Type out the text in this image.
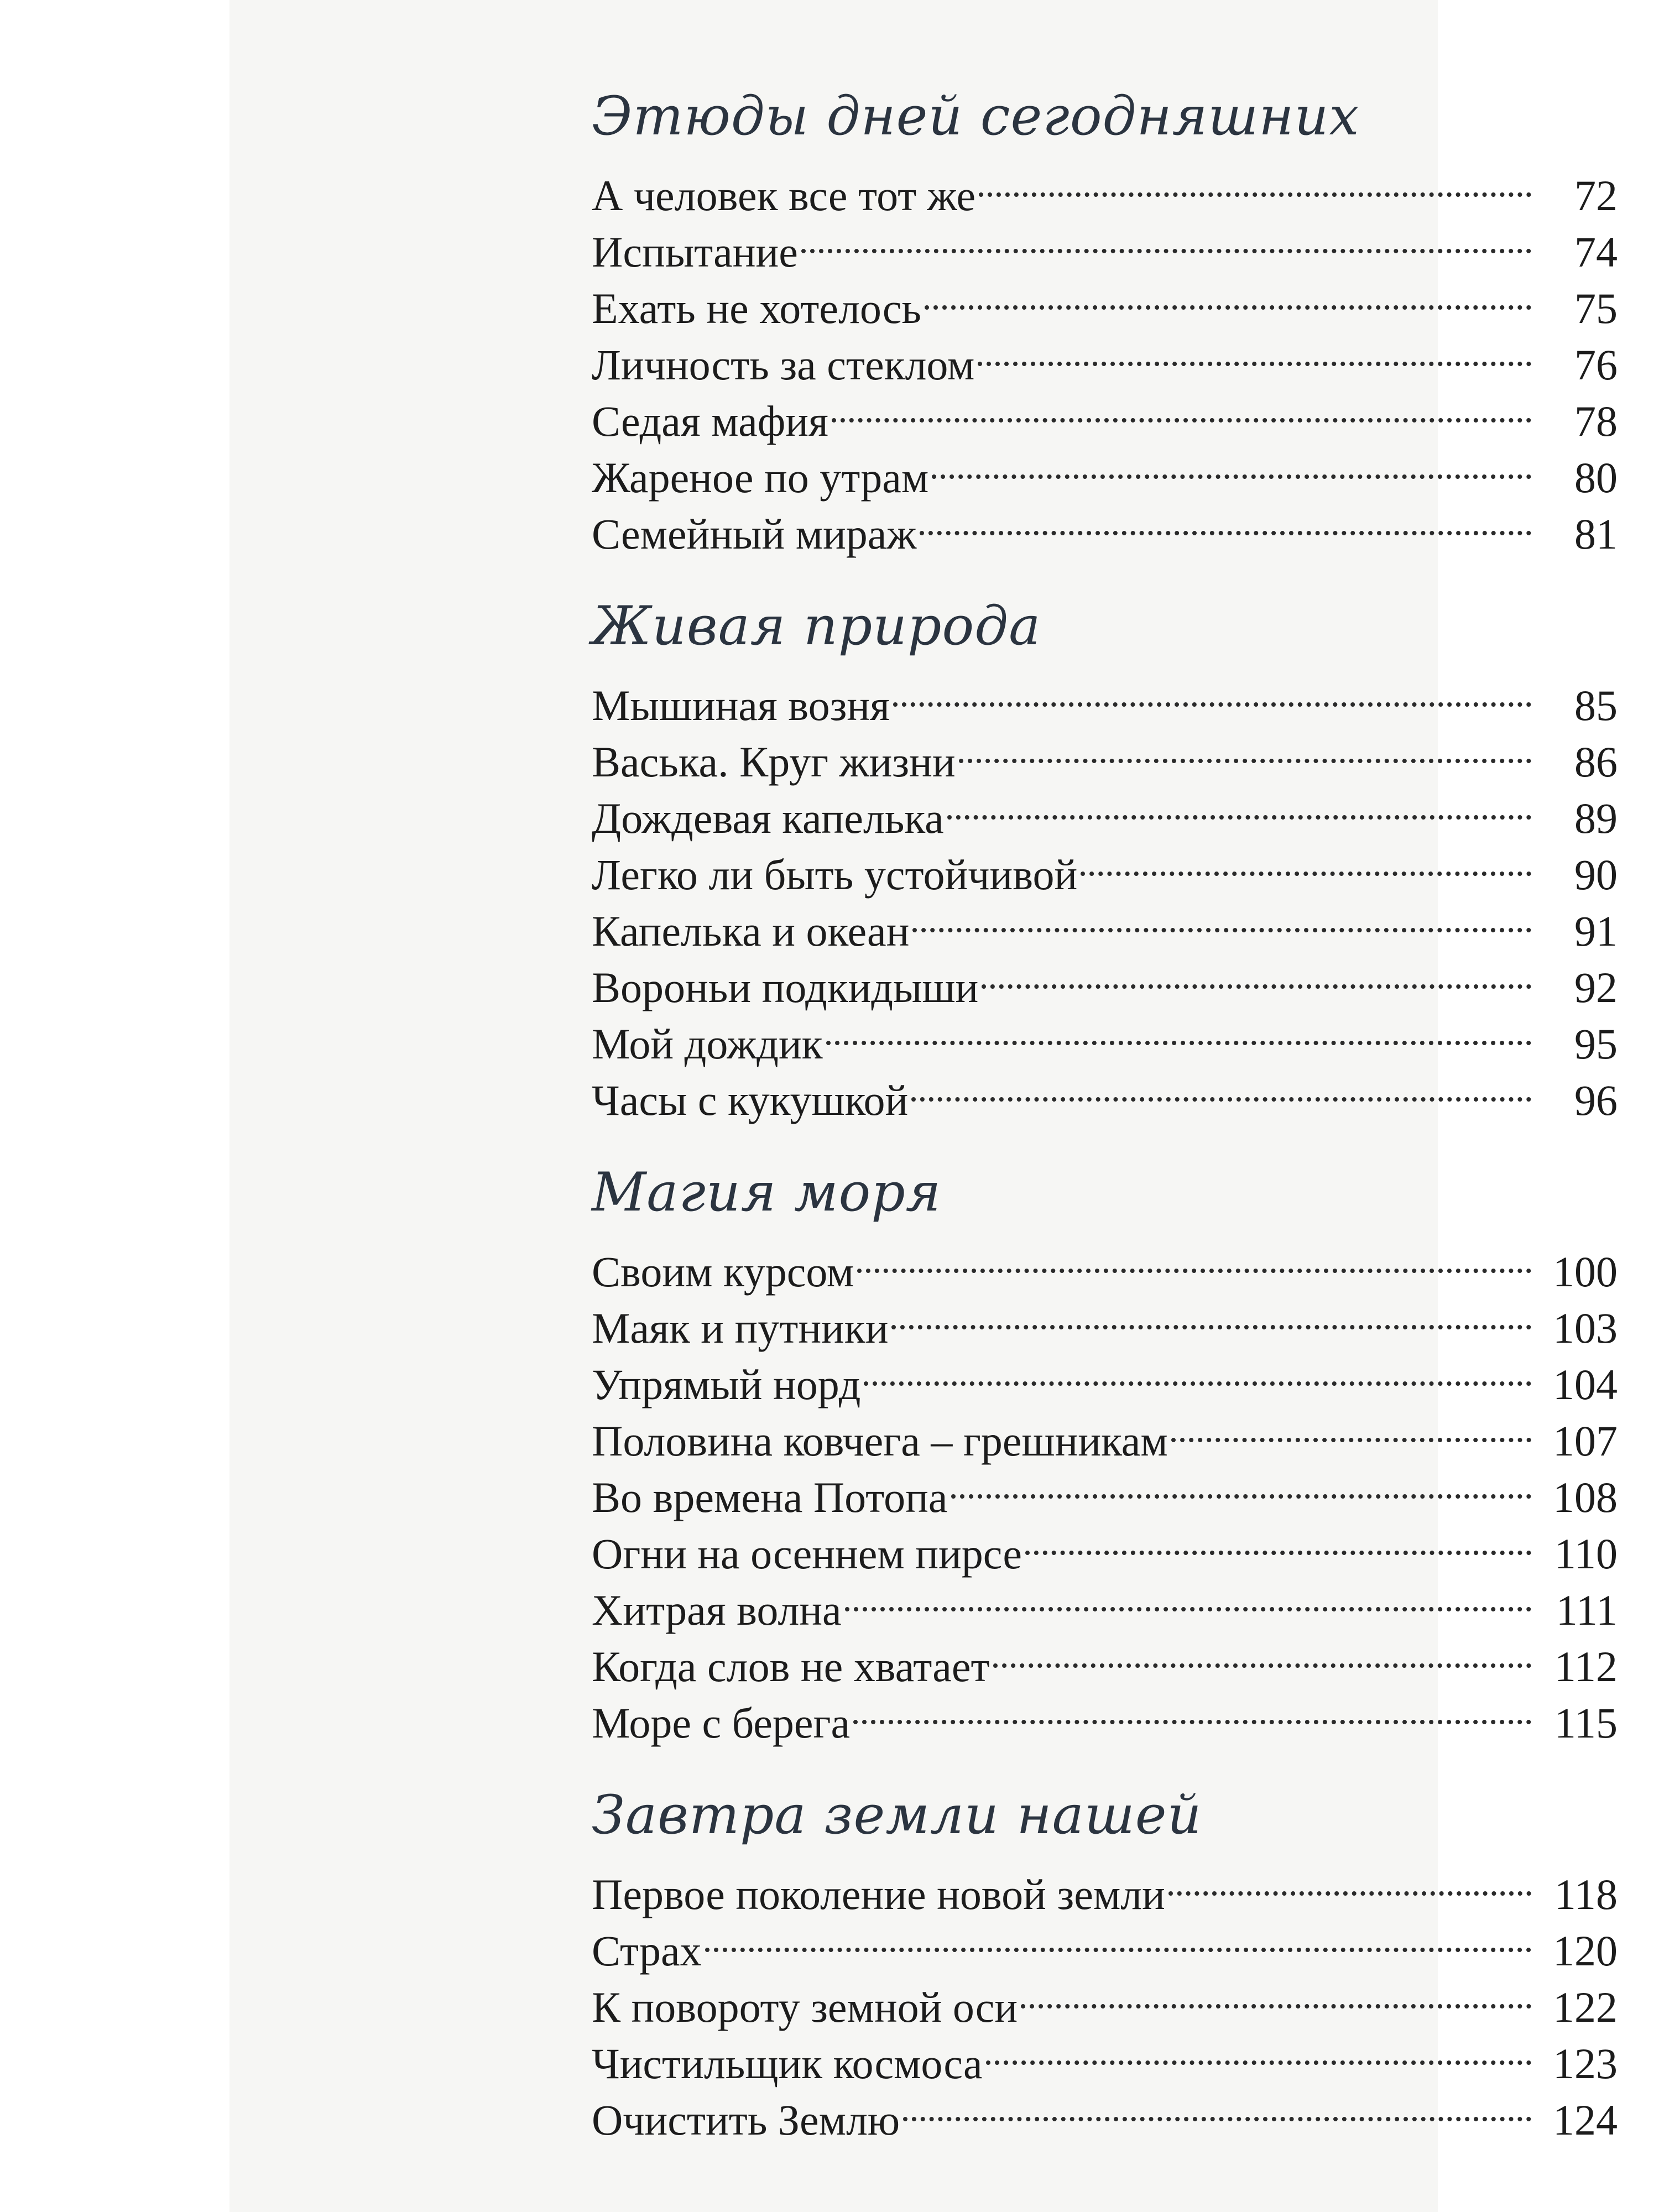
Этюды дней сегодняшних
А человек все тот же	72
Испытание	74
Ехать не хотелось	75
Личность за стеклом	76
Седая мафия	78
Жареное по утрам	80
Семейный мираж	81
Живая природа
Мышиная возня	85
Васька. Круг жизни	86
Дождевая капелька	89
Легко ли быть устойчивой	90
Капелька и океан	91
Вороньи подкидыши	92
Мой дождик	95
Часы с кукушкой	96
Магия моря
Своим курсом	100
Маяк и путники	103
Упрямый норд	104
Половина ковчега – грешникам	107
Во времена Потопа	108
Огни на осеннем пирсе	110
Хитрая волна	111
Когда слов не хватает	112
Море с берега	115
Завтра земли нашей
Первое поколение новой земли	118
Страх	120
К повороту земной оси	122
Чистильщик космоса	123
Очистить Землю	124
